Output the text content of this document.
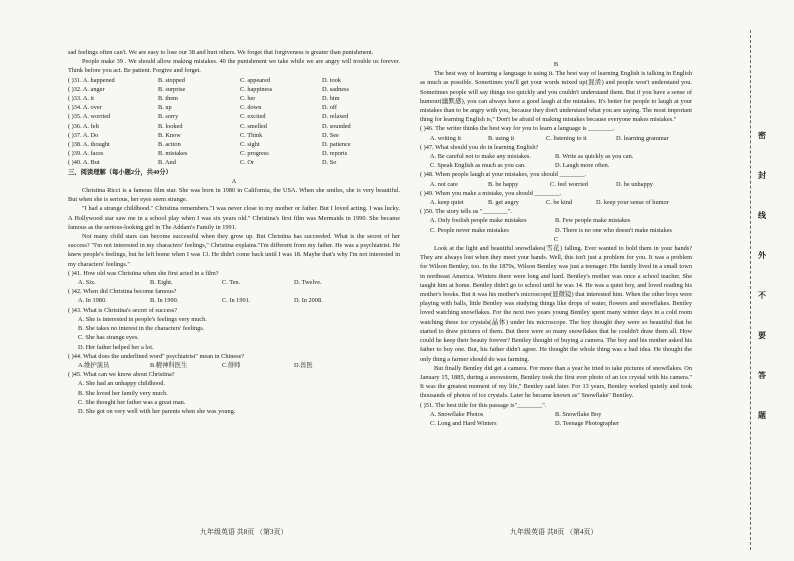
sad feelings often can't. We are easy to lose our 38 and hurt others. We forget that forgiveness is greater than punishment.

People make 39 . We should allow making mistakes. 40 the punishment we take while we are angry will trouble us forever. Think before you act. Be patient. Forgive and forget.

( )31. A. happened	B. stopped	C. appeared	D. took
( )32. A. anger	B. surprise	C. happiness	D. sadness
( )33. A. it	B. them	C. her	D. him
( )34. A. over	B. up	C. down	D. off
( )35. A. worried	B. sorry	C. excited	D. relaxed
( )36. A. felt	B. looked	C. smelled	D. sounded
( )37. A. Do	B. Know	C. Think	D. See
( )38. A. thought	B. action	C. sight	D. patience
( )39. A. faces	B. mistakes	C. progress	D. reports
( )40. A. But	B. And	C. Or	D. So
三、阅读理解（每小题2分，共40分）
A

Christina Ricci is a famous film star. She was born in 1980 in California, the USA. When she smiles, she is very beautiful. But when she is serious, her eyes seem strange.

"I had a strange childhood." Christina remembers."I was never close to my mother or father. But I loved acting. I was lucky. A Hollywood star saw me in a school play when I was six years old." Christina's first film was Mermaids in 1990. She became famous as the serious-looking girl in The Addam's Family in 1991.

Not many child stars can become successful when they grow up. But Christina has succeeded. What is the secret of her success? "I'm not interested in my characters' feelings," Christina explains."I'm different from my father. He was a psychiatrist. He knew people's feelings, but he left home when I was 13. He didn't come back until I was 18. Maybe that's why I'm not interested in my characters' feelings."

( )41. How old was Christina when she first acted in a film?
A. Six.	B. Eight.	C. Ten.	D. Twelve.
( )42. When did Christina become famous?
A. In 1980.	B. In 1990.	C. In 1991.	D. In 2008.
( )43. What is Christina's secret of success?
A. She is interested in people's feelings very much.
B. She takes no interest in the characters' feelings.
C. She has strange eyes.
D. Her father helped her a lot.
( )44. What does the underlined word" psychiatrist" mean in Chinese?
A.维护演员	B.精神科医生	C.俳师	D.兽医
( )45. What can we know about Christina?
A. She had an unhappy childhood.
B. She loved her family very much.
C. She thought her father was a great man.
D. She got on very well with her parents when she was young.
九年级英语 共8页 （第3页）
B

The best way of learning a language is using it. The best way of learning English is talking in English as much as possible. Sometimes you'll get your words mixed up(混淆) and people won't understand you. Sometimes people will say things too quickly and you couldn't understand them. But if you have a sense of humour(幽默感), you can always have a good laugh at the mistakes. It's better for people to laugh at your mistakes than to be angry with you, because they don't understand what you are saying. The most important thing for learning English is," Don't be afraid of making mistakes because everyone makes mistakes."

( )46. The writer thinks the best way for you to learn a language is ________.
A. writing it	B. using it	C. listening to it	D. learning grammar
( )47. What should you do in learning English?
A. Be careful not to make any mistakes.	B. Write as quickly as you can.
C. Speak English as much as you can.	D. Laugh more often.
( )48. When people laugh at your mistakes, you should ________.
A. not care	B. be happy	C. feel worried	D. be unhappy
( )49. When you make a mistake, you should ________.
A. keep quiet	B. get angry	C. be kind	D. keep your sense of humor
( )50. The story tells us "________".
A. Only foolish people make mistakes	B. Few people make mistakes
C. People never make mistakes	D. There is no one who doesn't make mistakes
C

Look at the light and beautiful snowflakes(雪花) falling. Ever wanted to hold them in your hands? They are always lost when they meet your hands. Well, this isn't just a problem for you. It was a problem for Wilson Bentley, too. In the 1870s, Wilson Bentley was just a teenager. His family lived in a small town in northeast America. Winters there were long and hard. Bentley's mother was once a school teacher. She taught him at home. Bentley didn't go to school until he was 14. He was a quiet boy, and loved reading his mother's books. But it was his mother's microscope(显微镜) that interested him. When the other boys were playing with balls, little Bentley was studying things like drops of water, flowers and snowflakes. Bentley loved watching snowflakes. For the next two years young Bentley spent many winter days in a cold room watching these ice crystals(晶体) under his microscope. The boy thought they were so beautiful that he started to draw pictures of them. But there were so many snowflakes that he couldn't draw them all. How could he keep their beauty forever? Bentley thought of buying a camera. The boy and his mother asked his father to buy one. But, his father didn't agree. He thought the whole thing was a bad idea. He thought the only thing a farmer should do was farming.

But finally Bentley did get a camera. For more than a year he tried to take pictures of snowflakes. On January 15, 1885, during a snowstorm, Bentley took the first ever photo of an ice crystal with his camera." It was the greatest moment of my life," Bentley said later. For 13 years, Bentley worked quietly and took thousands of photos of ice crystals. Later he became known as" Snowflake" Bentley.

( )51. The best title for this passage is"________".
A. Snowflake Photos	B. Snowflake Boy
C. Long and Hard Winters	D. Teenage Photographer
九年级英语 共8页 （第4页）
密
封
线
外
不
要
答
题
